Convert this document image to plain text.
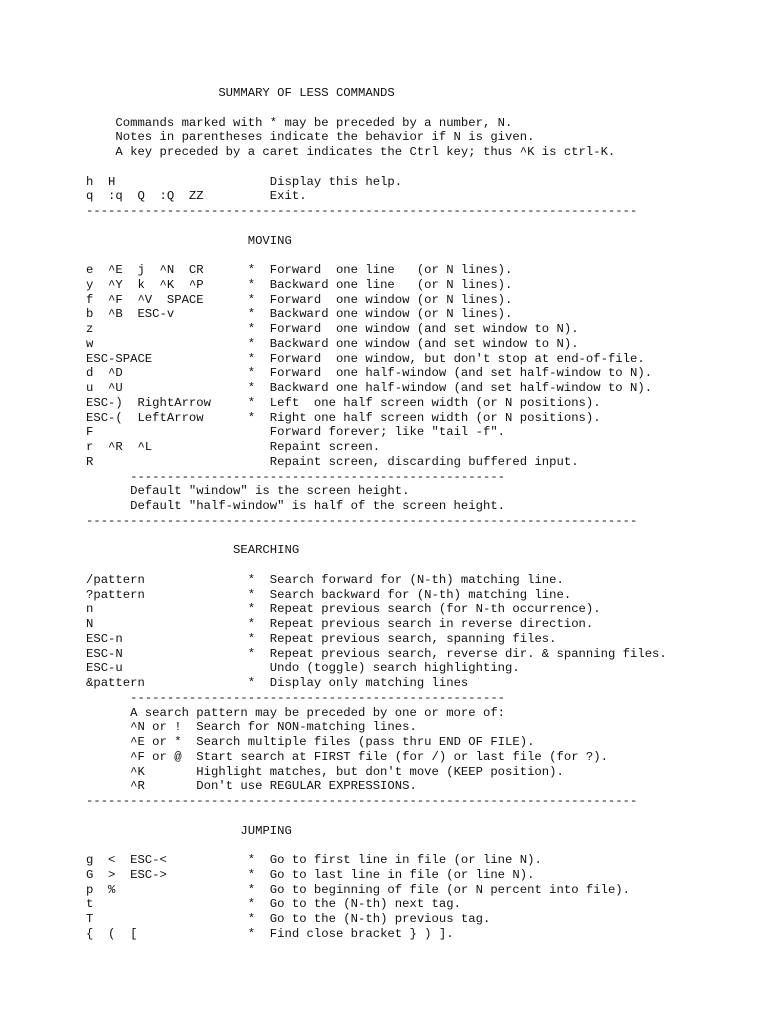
SUMMARY OF LESS COMMANDS
Commands marked with * may be preceded by a number, N.
Notes in parentheses indicate the behavior if N is given.
A key preceded by a caret indicates the Ctrl key; thus ^K is ctrl-K.
h  H                     Display this help.
q  :q  Q  :Q  ZZ         Exit.
---------------------------------------------------------------------------
MOVING
e  ^E  j  ^N  CR      *  Forward  one line   (or N lines).
y  ^Y  k  ^K  ^P      *  Backward one line   (or N lines).
f  ^F  ^V  SPACE      *  Forward  one window (or N lines).
b  ^B  ESC-v          *  Backward one window (or N lines).
z                     *  Forward  one window (and set window to N).
w                     *  Backward one window (and set window to N).
ESC-SPACE             *  Forward  one window, but don't stop at end-of-file.
d  ^D                 *  Forward  one half-window (and set half-window to N).
u  ^U                 *  Backward one half-window (and set half-window to N).
ESC-)  RightArrow     *  Left  one half screen width (or N positions).
ESC-(  LeftArrow      *  Right one half screen width (or N positions).
F                        Forward forever; like "tail -f".
r  ^R  ^L                Repaint screen.
R                        Repaint screen, discarding buffered input.
---------------------------------------------------
Default "window" is the screen height.
Default "half-window" is half of the screen height.
---------------------------------------------------------------------------
SEARCHING
/pattern              *  Search forward for (N-th) matching line.
?pattern              *  Search backward for (N-th) matching line.
n                     *  Repeat previous search (for N-th occurrence).
N                     *  Repeat previous search in reverse direction.
ESC-n                 *  Repeat previous search, spanning files.
ESC-N                 *  Repeat previous search, reverse dir. & spanning files.
ESC-u                    Undo (toggle) search highlighting.
&pattern              *  Display only matching lines
---------------------------------------------------
A search pattern may be preceded by one or more of:
^N or !  Search for NON-matching lines.
^E or *  Search multiple files (pass thru END OF FILE).
^F or @  Start search at FIRST file (for /) or last file (for ?).
^K       Highlight matches, but don't move (KEEP position).
^R       Don't use REGULAR EXPRESSIONS.
---------------------------------------------------------------------------
JUMPING
g  <  ESC-<           *  Go to first line in file (or line N).
G  >  ESC->           *  Go to last line in file (or line N).
p  %                  *  Go to beginning of file (or N percent into file).
t                     *  Go to the (N-th) next tag.
T                     *  Go to the (N-th) previous tag.
{  (  [               *  Find close bracket } ) ].
